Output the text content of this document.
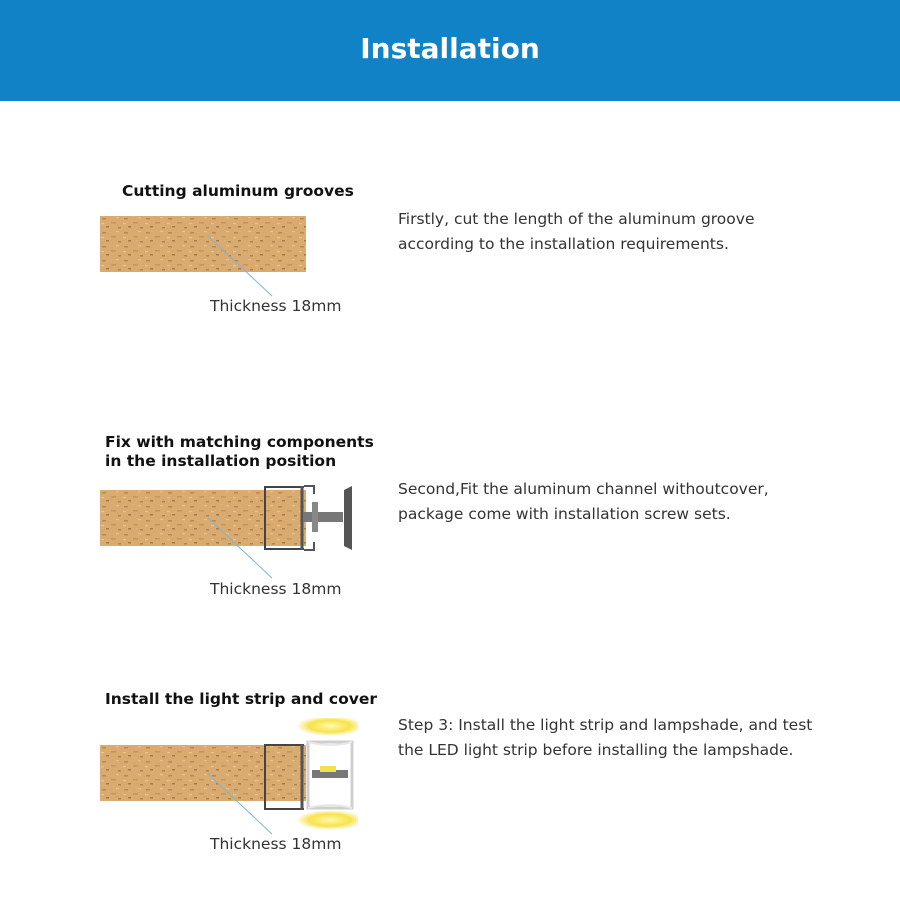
Installation
Cutting aluminum grooves
Thickness 18mm
Firstly, cut the length of the aluminum groove
according to the installation requirements.
Fix with matching components
in the installation position
Thickness 18mm
Second,Fit the aluminum channel withoutcover,
package come with installation screw sets.
Install the light strip and cover
Thickness 18mm
Step 3: Install the light strip and lampshade, and test
the LED light strip before installing the lampshade.
